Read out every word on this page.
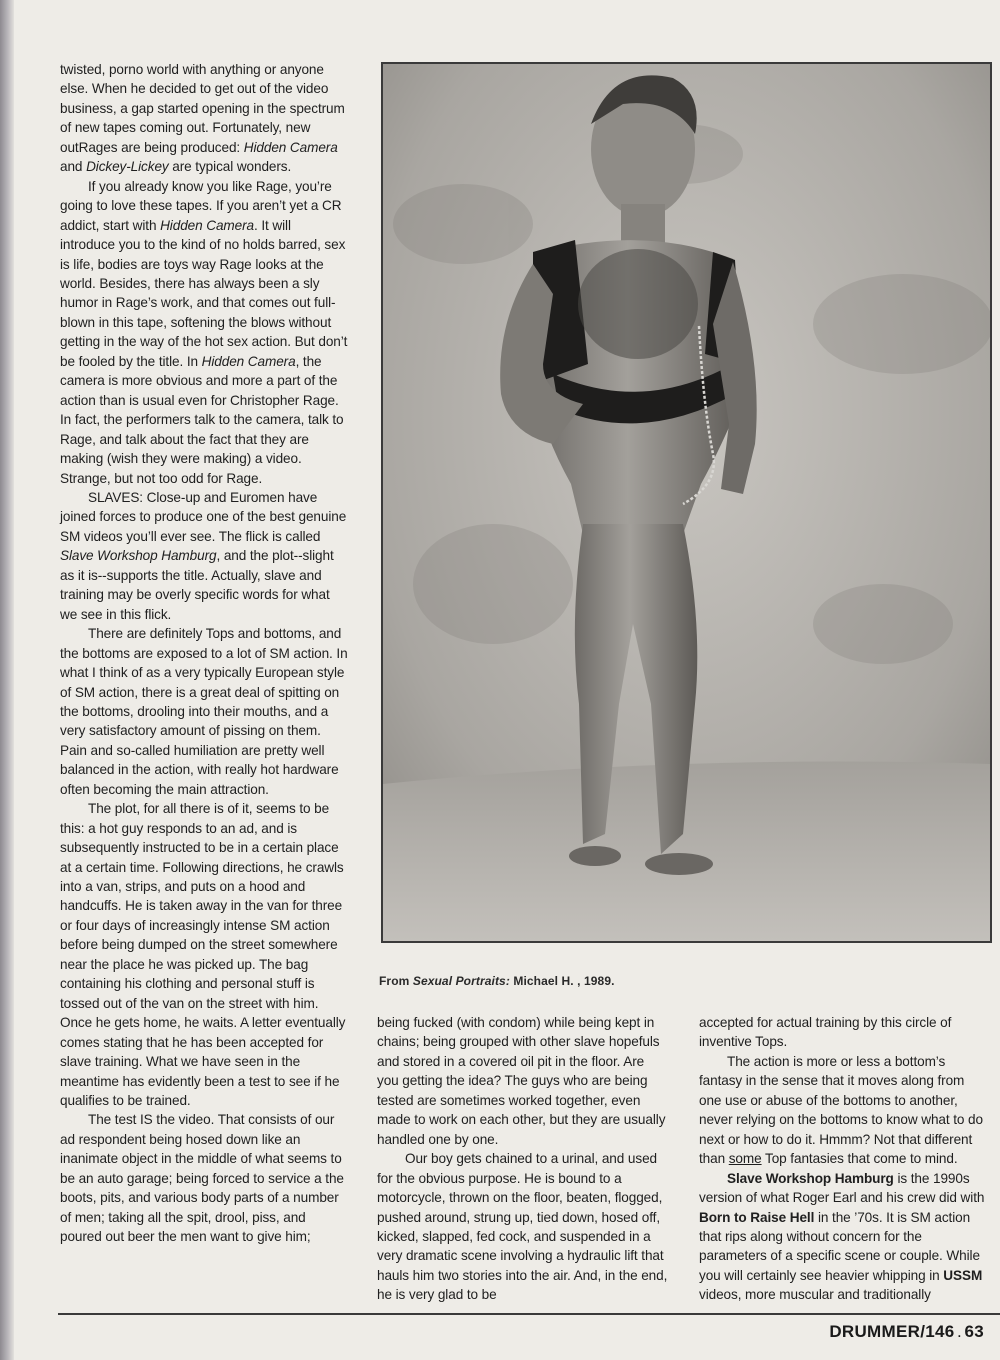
twisted, porno world with anything or anyone else. When he decided to get out of the video business, a gap started opening in the spectrum of new tapes coming out. Fortunately, new outRages are being produced: Hidden Camera and Dickey-Lickey are typical wonders.

If you already know you like Rage, you’re going to love these tapes. If you aren’t yet a CR addict, start with Hidden Camera. It will introduce you to the kind of no holds barred, sex is life, bodies are toys way Rage looks at the world. Besides, there has always been a sly humor in Rage’s work, and that comes out full-blown in this tape, softening the blows without getting in the way of the hot sex action. But don’t be fooled by the title. In Hidden Camera, the camera is more obvious and more a part of the action than is usual even for Christopher Rage. In fact, the performers talk to the camera, talk to Rage, and talk about the fact that they are making (wish they were making) a video. Strange, but not too odd for Rage.

SLAVES: Close-up and Euromen have joined forces to produce one of the best genuine SM videos you’ll ever see. The flick is called Slave Workshop Hamburg, and the plot--slight as it is--supports the title. Actually, slave and training may be overly specific words for what we see in this flick.

There are definitely Tops and bottoms, and the bottoms are exposed to a lot of SM action. In what I think of as a very typically European style of SM action, there is a great deal of spitting on the bottoms, drooling into their mouths, and a very satisfactory amount of pissing on them. Pain and so-called humiliation are pretty well balanced in the action, with really hot hardware often becoming the main attraction.

The plot, for all there is of it, seems to be this: a hot guy responds to an ad, and is subsequently instructed to be in a certain place at a certain time. Following directions, he crawls into a van, strips, and puts on a hood and handcuffs. He is taken away in the van for three or four days of increasingly intense SM action before being dumped on the street somewhere near the place he was picked up. The bag containing his clothing and personal stuff is tossed out of the van on the street with him. Once he gets home, he waits. A letter eventually comes stating that he has been accepted for slave training. What we have seen in the meantime has evidently been a test to see if he qualifies to be trained.

The test IS the video. That consists of our ad respondent being hosed down like an inanimate object in the middle of what seems to be an auto garage; being forced to service a the boots, pits, and various body parts of a number of men; taking all the spit, drool, piss, and poured out beer the men want to give him;

From Sexual Portraits: Michael H. , 1989.

being fucked (with condom) while being kept in chains; being grouped with other slave hopefuls and stored in a covered oil pit in the floor. Are you getting the idea? The guys who are being tested are sometimes worked together, even made to work on each other, but they are usually handled one by one.

Our boy gets chained to a urinal, and used for the obvious purpose. He is bound to a motorcycle, thrown on the floor, beaten, flogged, pushed around, strung up, tied down, hosed off, kicked, slapped, fed cock, and suspended in a very dramatic scene involving a hydraulic lift that hauls him two stories into the air. And, in the end, he is very glad to be

accepted for actual training by this circle of inventive Tops.

The action is more or less a bottom’s fantasy in the sense that it moves along from one use or abuse of the bottoms to another, never relying on the bottoms to know what to do next or how to do it. Hmmm? Not that different than some Top fantasies that come to mind.

Slave Workshop Hamburg is the 1990s version of what Roger Earl and his crew did with Born to Raise Hell in the ’70s. It is SM action that rips along without concern for the parameters of a specific scene or couple. While you will certainly see heavier whipping in USSM videos, more muscular and traditionally

DRUMMER/146 . 63
